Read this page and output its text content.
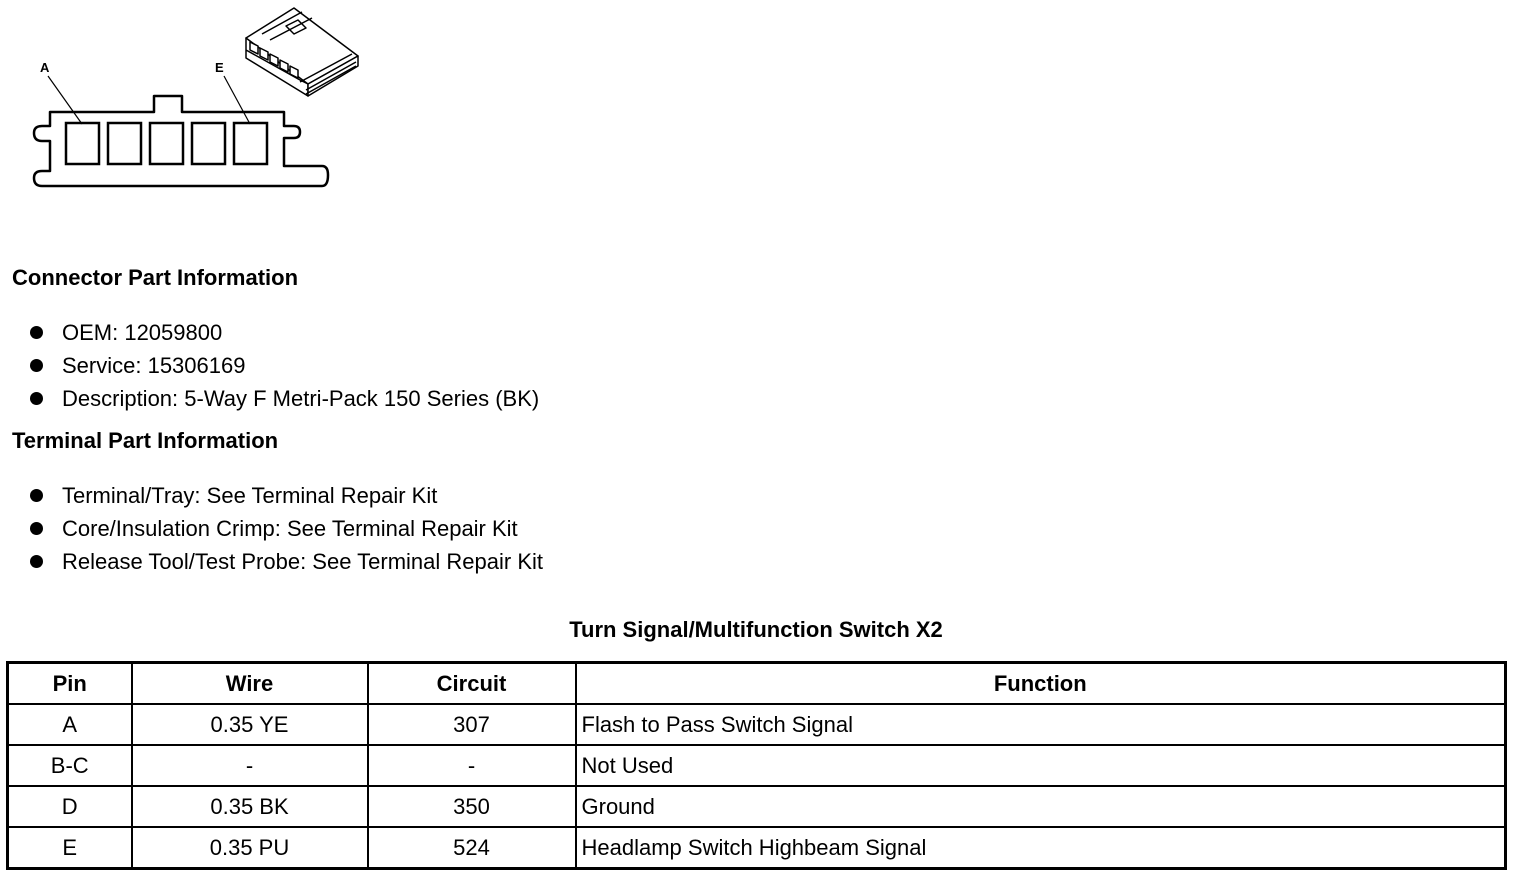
A	E
Connector Part Information
OEM: 12059800
Service: 15306169
Description: 5-Way F Metri-Pack 150 Series (BK)
Terminal Part Information
Terminal/Tray: See Terminal Repair Kit
Core/Insulation Crimp: See Terminal Repair Kit
Release Tool/Test Probe: See Terminal Repair Kit
Turn Signal/Multifunction Switch X2
Pin	Wire	Circuit	Function
A	0.35 YE	307	Flash to Pass Switch Signal
B-C	-	-	Not Used
D	0.35 BK	350	Ground
E	0.35 PU	524	Headlamp Switch Highbeam Signal
